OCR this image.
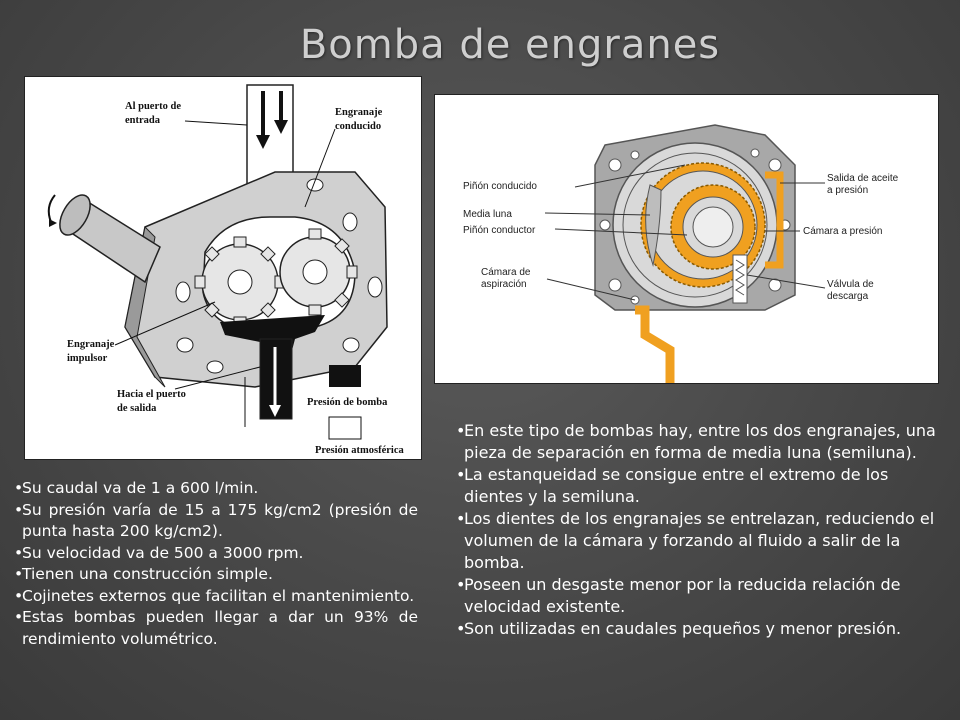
Bomba de engranes
Al puerto de
entrada
Engranaje
conducido
Engranaje
impulsor
Hacia el puerto
de salida
Presión de bomba
Presión atmosférica
Piñón conducido
Media luna
Piñón conductor
Cámara de
aspiración
Salida de aceite
a presión
Cámara a presión
Válvula de
descarga
• Su caudal va de 1 a 600 l/min.
• Su presión varía de 15 a 175 kg/cm2 (presión de punta hasta 200 kg/cm2).
• Su velocidad va de 500 a 3000 rpm.
• Tienen una construcción simple.
• Cojinetes externos que facilitan el mantenimiento.
• Estas bombas pueden llegar a dar un 93% de rendimiento volumétrico.
• En este tipo de bombas hay, entre los dos engranajes, una pieza de separación en forma de media luna (semiluna).
• La estanqueidad se consigue entre el extremo de los dientes y la semiluna.
• Los dientes de los engranajes se entrelazan, reduciendo el volumen de la cámara y forzando al fluido a salir de la bomba.
• Poseen un desgaste menor por la reducida relación de velocidad existente.
• Son utilizadas en caudales pequeños y menor presión.
